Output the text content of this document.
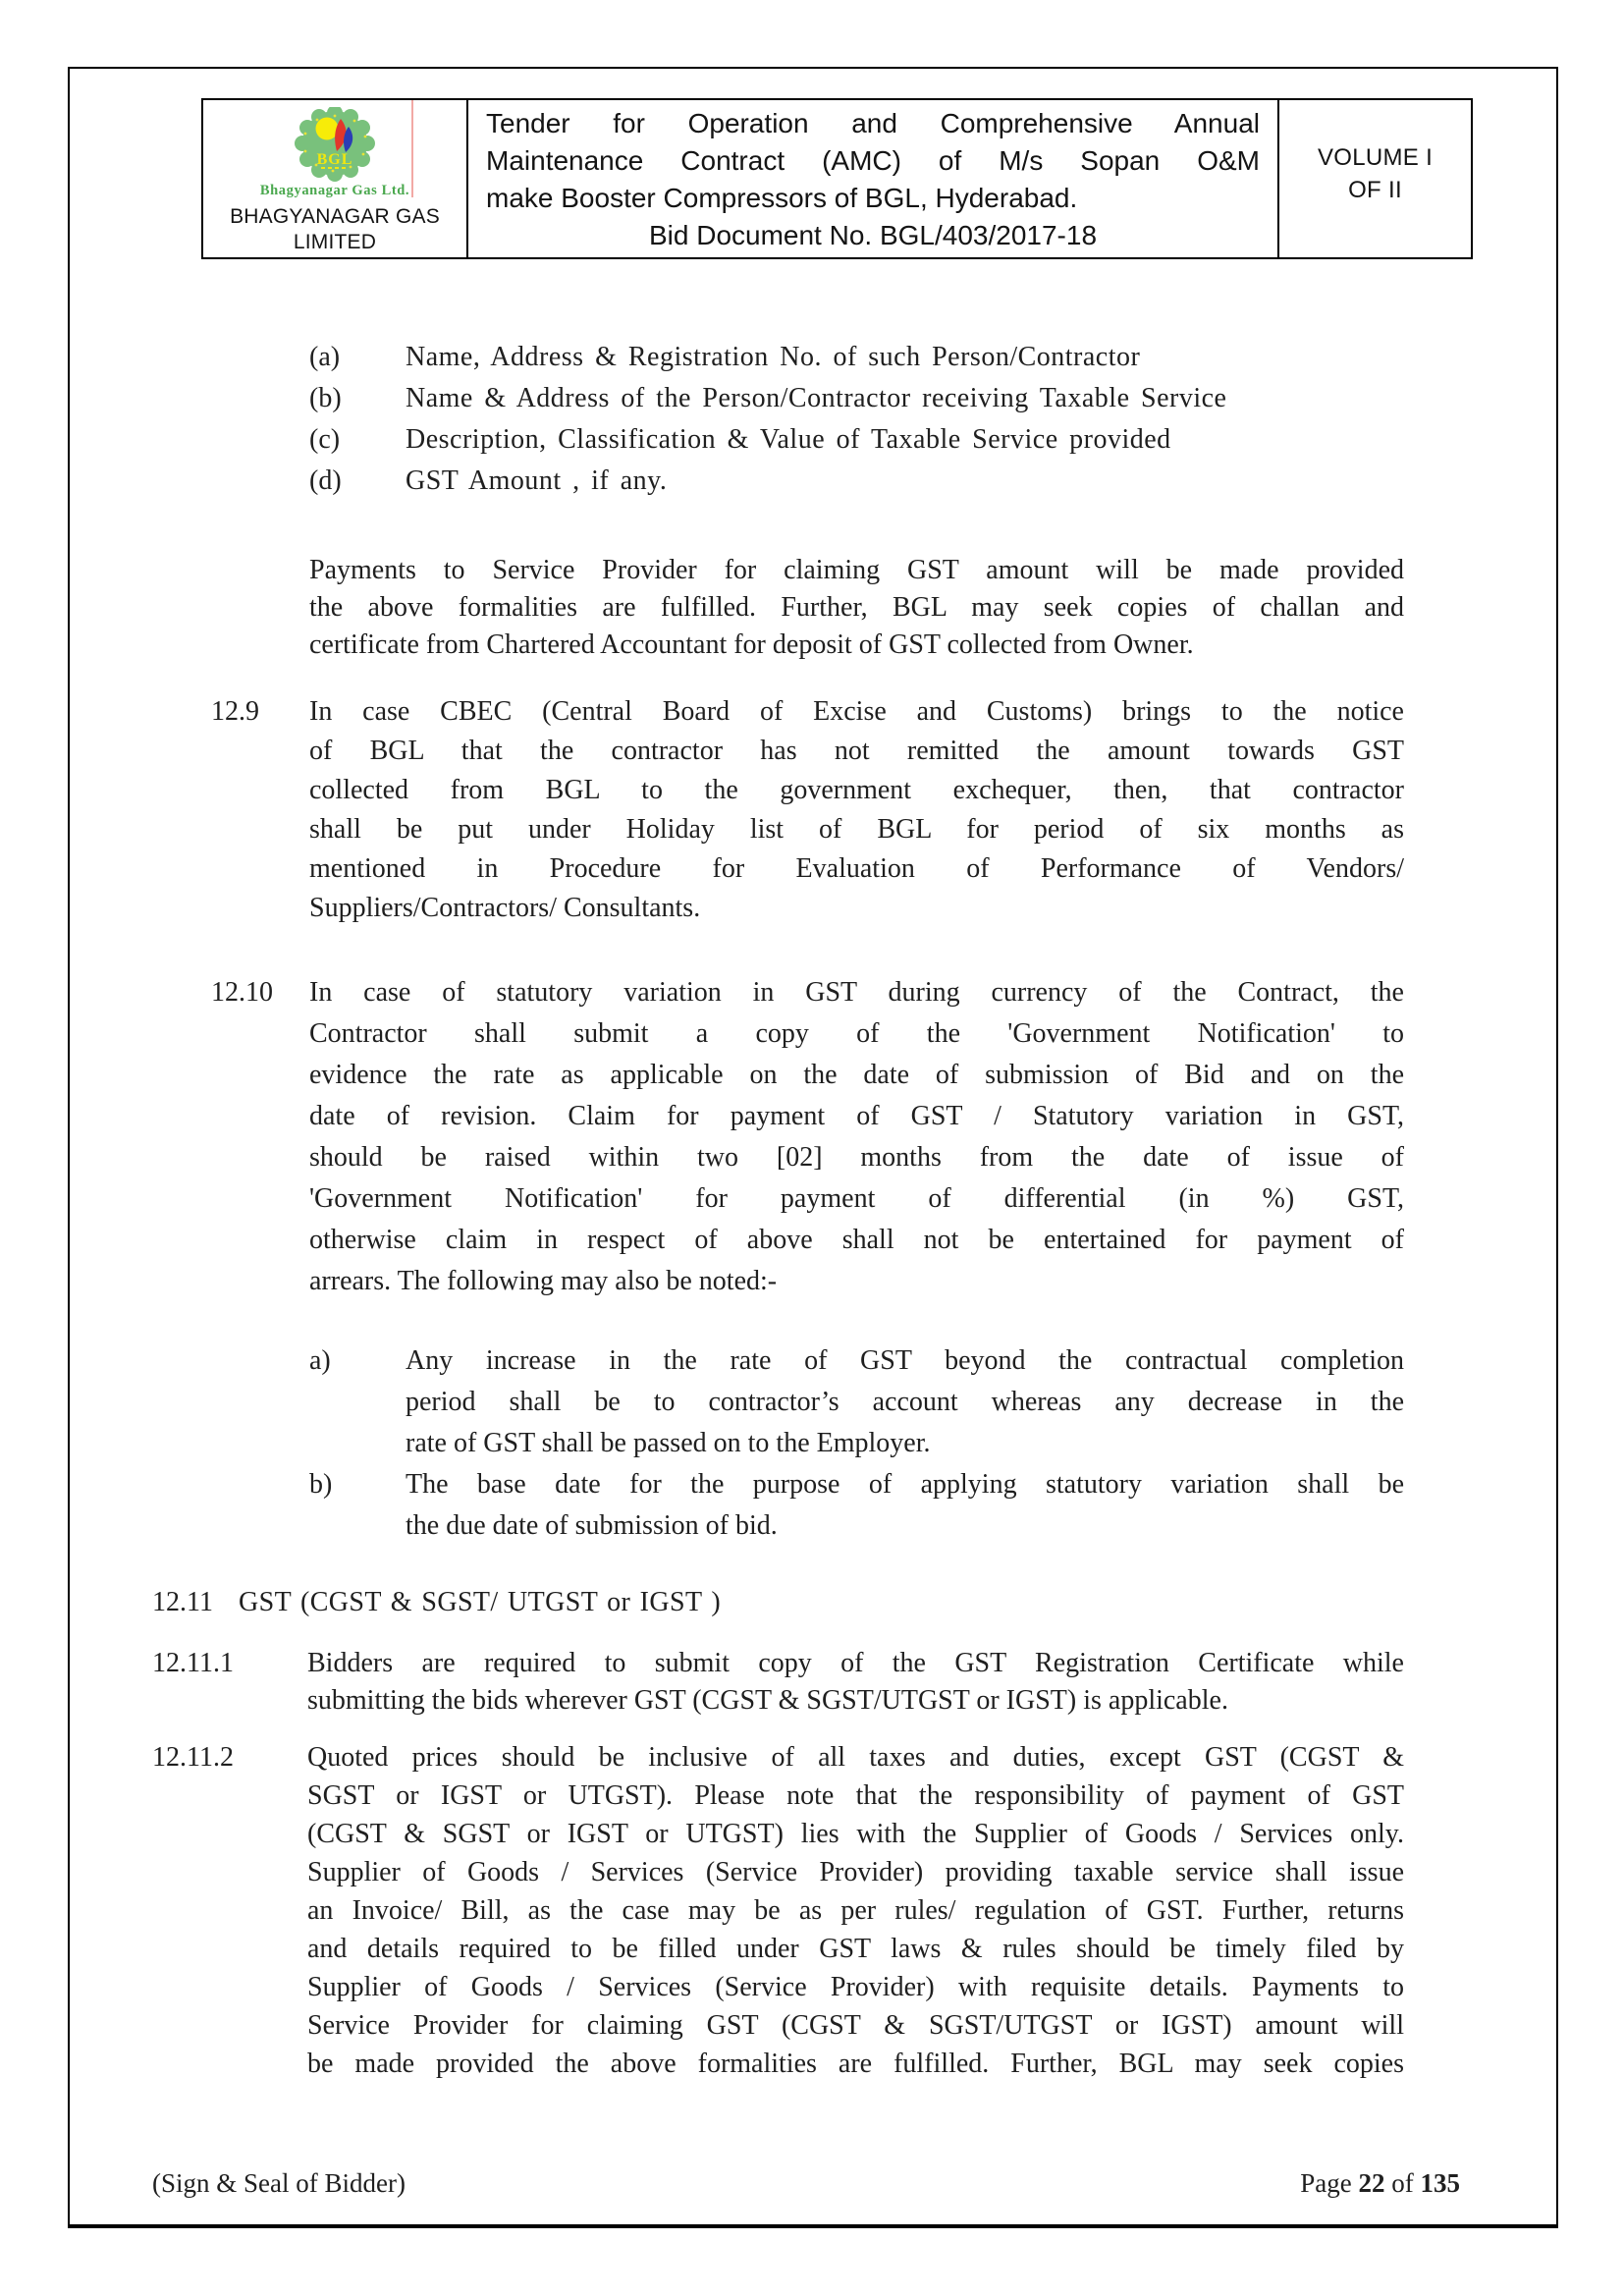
BGL
Bhagyanagar Gas Ltd.
BHAGYANAGAR GAS
LIMITED
Tender for Operation and Comprehensive Annual
Maintenance Contract (AMC) of M/s Sopan O&M
make Booster Compressors of BGL, Hyderabad.
Bid Document No. BGL/403/2017-18
VOLUME I
OF II
(a)	Name, Address & Registration No. of such Person/Contractor
(b)	Name & Address of the Person/Contractor receiving Taxable Service
(c)	Description, Classification & Value of Taxable Service provided
(d)	GST Amount , if any.
Payments to Service Provider for claiming GST amount will be made provided
the above formalities are fulfilled. Further, BGL may seek copies of challan and
certificate from Chartered Accountant for deposit of GST collected from Owner.
12.9	In case CBEC (Central Board of Excise and Customs) brings to the notice
of BGL that the contractor has not remitted the amount towards GST
collected from BGL to the government exchequer, then, that contractor
shall be put under Holiday list of BGL for period of six months as
mentioned in Procedure for Evaluation of Performance of Vendors/
Suppliers/Contractors/ Consultants.
12.10	In case of statutory variation in GST during currency of the Contract, the
Contractor shall submit a copy of the 'Government Notification' to
evidence the rate as applicable on the date of submission of Bid and on the
date of revision. Claim for payment of GST / Statutory variation in GST,
should be raised within two [02] months from the date of issue of
'Government Notification' for payment of differential (in %) GST,
otherwise claim in respect of above shall not be entertained for payment of
arrears. The following may also be noted:-
a)	Any increase in the rate of GST beyond the contractual completion
period shall be to contractor’s account whereas any decrease in the
rate of GST shall be passed on to the Employer.
b)	The base date for the purpose of applying statutory variation shall be
the due date of submission of bid.
12.11 GST (CGST & SGST/ UTGST or IGST )
12.11.1	Bidders are required to submit copy of the GST Registration Certificate while
submitting the bids wherever GST (CGST & SGST/UTGST or IGST) is applicable.
12.11.2	Quoted prices should be inclusive of all taxes and duties, except GST (CGST &
SGST or IGST or UTGST). Please note that the responsibility of payment of GST
(CGST & SGST or IGST or UTGST) lies with the Supplier of Goods / Services only.
Supplier of Goods / Services (Service Provider) providing taxable service shall issue
an Invoice/ Bill, as the case may be as per rules/ regulation of GST. Further, returns
and details required to be filled under GST laws & rules should be timely filed by
Supplier of Goods / Services (Service Provider) with requisite details. Payments to
Service Provider for claiming GST (CGST & SGST/UTGST or IGST) amount will
be made provided the above formalities are fulfilled. Further, BGL may seek copies
(Sign & Seal of Bidder)	Page 22 of 135
